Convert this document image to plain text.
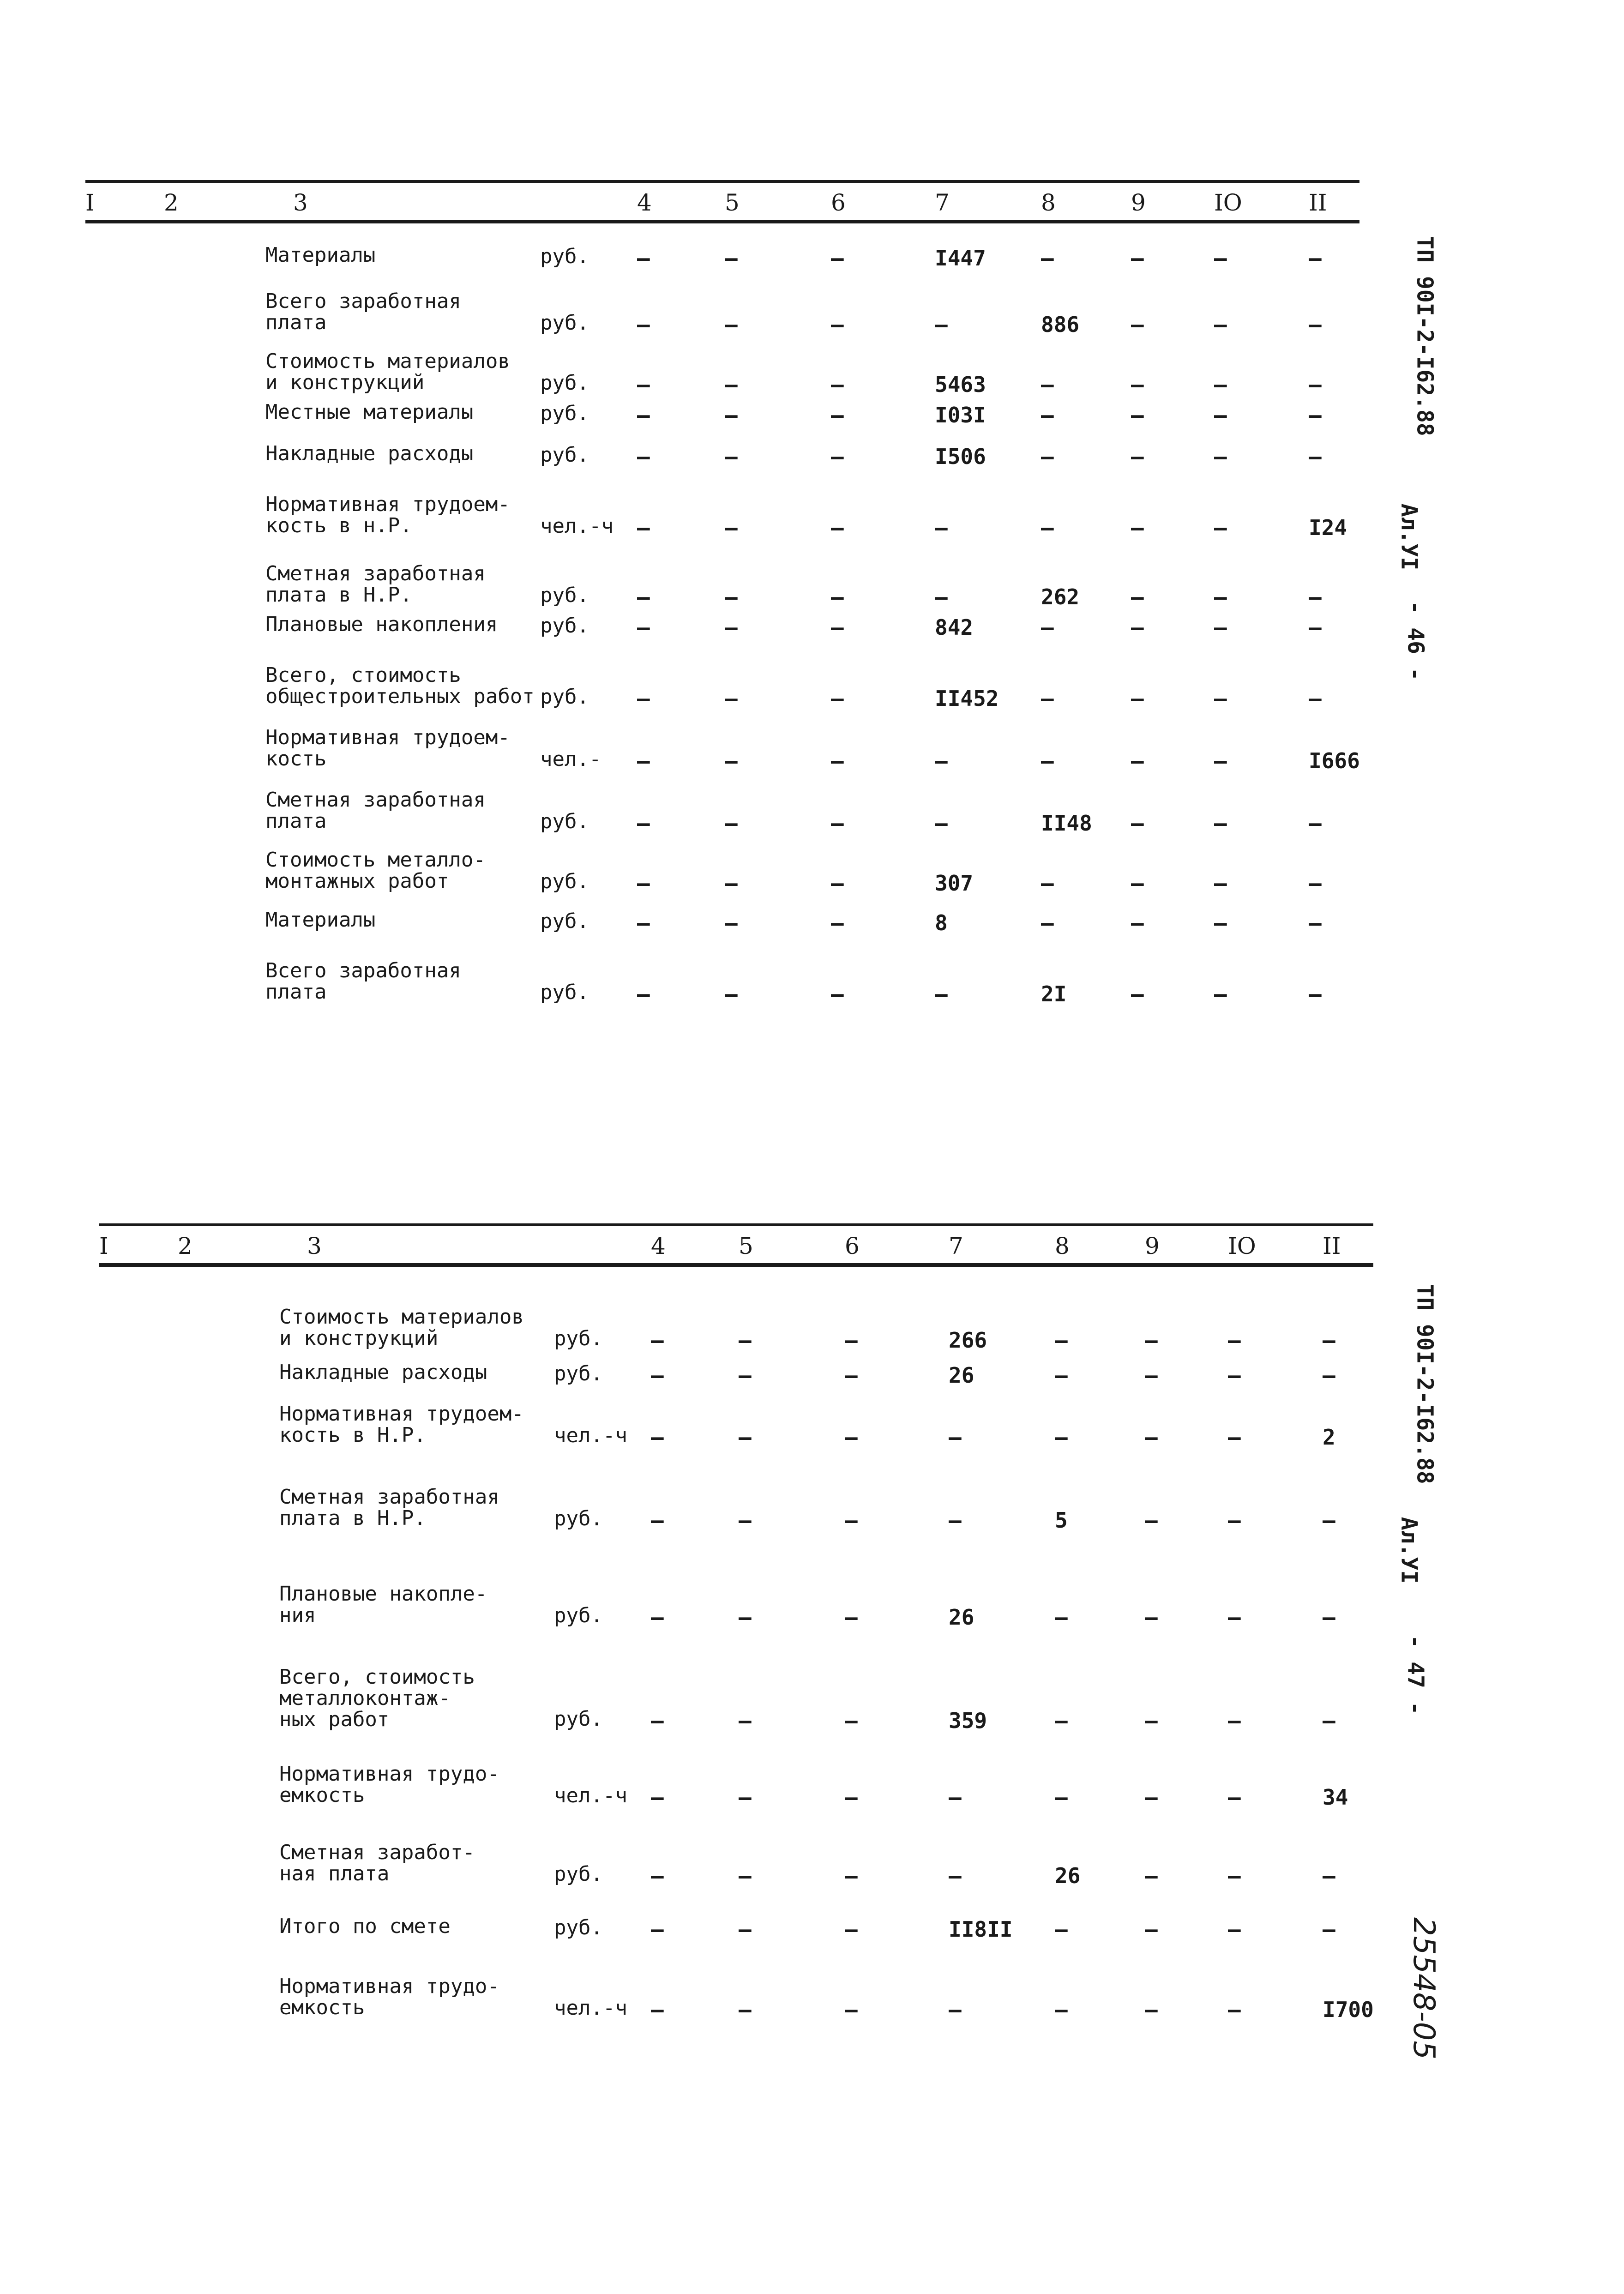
I	2	3	4	5	6	7	8	9	IO	II
Материалы	руб. –	–	–	I447	–	–	–	–
Всего заработная
плата	руб. –	–	–	–	886 –	–	–
Стоимость материалов
и конструкций	руб. –	–	–	5463	–	–	–	–
Местные материалы	руб. –	–	–	I03I	–	–	–	–
Накладные расходы	руб. –	–	–	I506	–	–	–	–
Нормативная трудоем-
кость в н.Р.	чел.-ч –	–	–	–	–	–	–	I24
Сметная заработная
плата в Н.Р.	руб. –	–	–	–	262 –	–	–
Плановые накопления	руб. –	–	–	842	–	–	–	–
Всего, стоимость
общестроительных работ руб. –	–	–	II452 –	–	–	–
Нормативная трудоем-
кость	чел.- –	–	–	–	–	–	–	I666
Сметная заработная
плата	руб. –	–	–	–	II48 –	–	–
Стоимость металло-
монтажных работ	руб. –	–	–	307	–	–	–	–
Материалы	руб. –	–	–	8	–	–	–	–
Всего заработная
плата	руб. –	–	–	–	2I	–	–	–
I	2	3	4	5	6	7	8	9	IO	II
Стоимость материалов
и конструкций	руб. –	–	–	266	–	–	–	–
Накладные расходы	руб. –	–	–	26	–	–	–	–
Нормативная трудоем-
кость в Н.Р.	чел.-ч –	–	–	–	–	–	–	2
Сметная заработная
плата в Н.Р.	руб. –	–	–	–	5	–	–	–
Плановые накопле-
ния	руб. –	–	–	26	–	–	–	–
Всего, стоимость
металлоконтаж-
ных работ	руб. –	–	–	359	–	–	–	–
Нормативная трудо-
емкость	чел.-ч –	–	–	–	–	–	–	34
Сметная заработ-
ная плата	руб. –	–	–	–	26	–	–	–
Итого по смете	руб. –	–	–	II8II –	–	–	–
Нормативная трудо-
емкость	чел.-ч –	–	–	–	–	–	–	I700
ТП 90I-2-I62.88
Ал.УI
- 46 -
ТП 90I-2-I62.88
Ал.УI
- 47 -
25548-05
